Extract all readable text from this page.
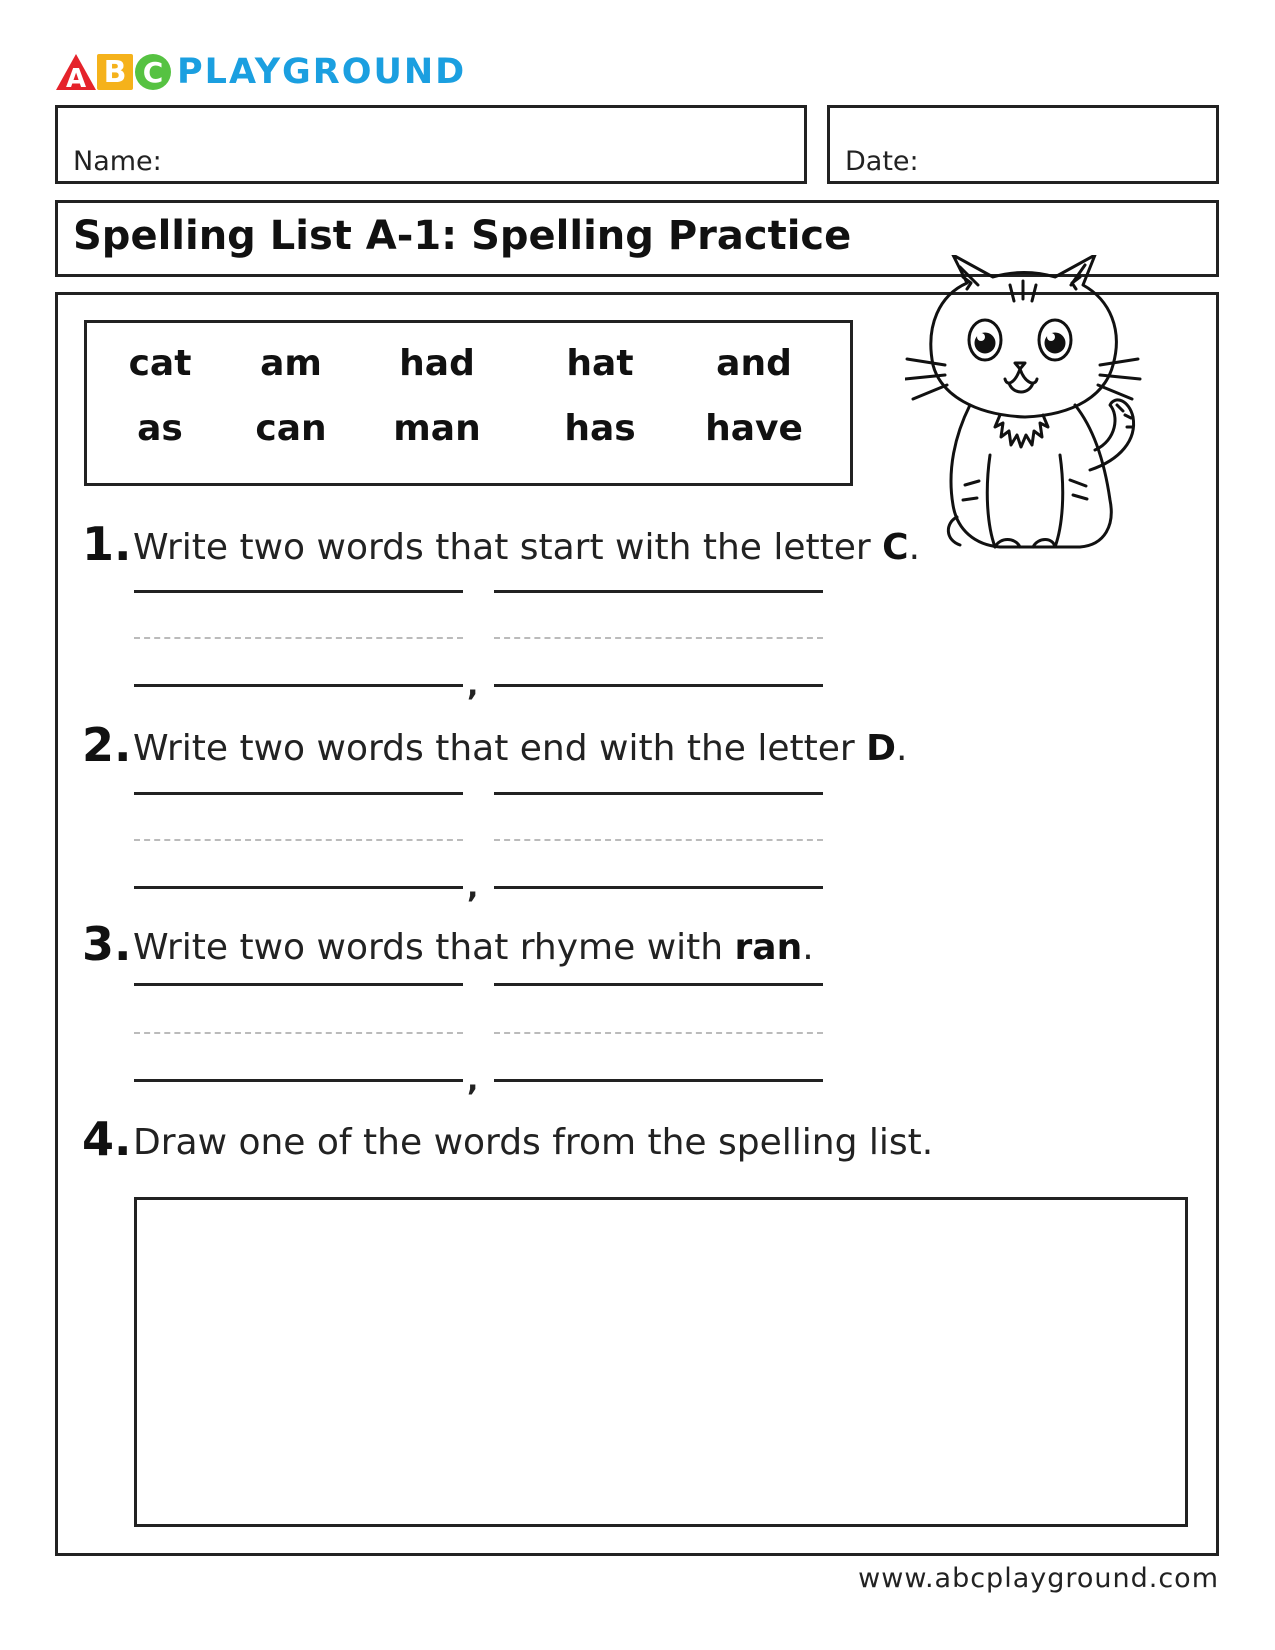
A B C PLAYGROUND
Name:	Date:
Spelling List A-1: Spelling Practice
cat am had	hat and
as can man has have
1. Write two words that start with the letter C.
,
2. Write two words that end with the letter D.
,
3. Write two words that rhyme with ran.
,
4. Draw one of the words from the spelling list.
www.abcplayground.com
